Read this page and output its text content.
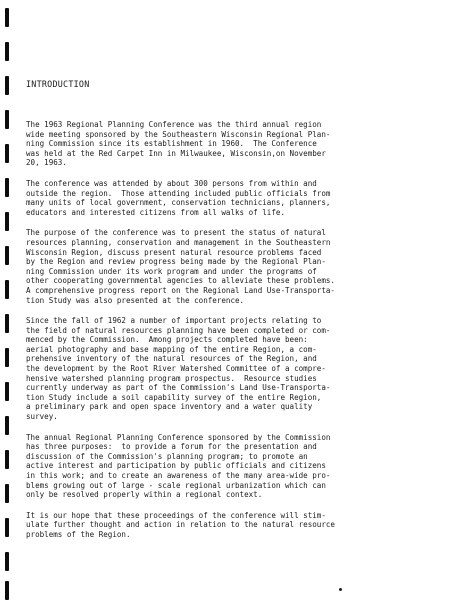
INTRODUCTION

The 1963 Regional Planning Conference was the third annual region
wide meeting sponsored by the Southeastern Wisconsin Regional Plan-
ning Commission since its establishment in 1960.  The Conference
was held at the Red Carpet Inn in Milwaukee, Wisconsin,on November
20, 1963.

The conference was attended by about 300 persons from within and
outside the region.  Those attending included public officials from
many units of local government, conservation technicians, planners,
educators and interested citizens from all walks of life.

The purpose of the conference was to present the status of natural
resources planning, conservation and management in the Southeastern
Wisconsin Region, discuss present natural resource problems faced
by the Region and review progress being made by the Regional Plan-
ning Commission under its work program and under the programs of
other cooperating governmental agencies to alleviate these problems.
A comprehensive progress report on the Regional Land Use-Transporta-
tion Study was also presented at the conference.

Since the fall of 1962 a number of important projects relating to
the field of natural resources planning have been completed or com-
menced by the Commission.  Among projects completed have been:
aerial photography and base mapping of the entire Region, a com-
prehensive inventory of the natural resources of the Region, and
the development by the Root River Watershed Committee of a compre-
hensive watershed planning program prospectus.  Resource studies
currently underway as part of the Commission's Land Use-Transporta-
tion Study include a soil capability survey of the entire Region,
a preliminary park and open space inventory and a water quality
survey.

The annual Regional Planning Conference sponsored by the Commission
has three purposes:  to provide a forum for the presentation and
discussion of the Commission's planning program; to promote an
active interest and participation by public officials and citizens
in this work; and to create an awareness of the many area-wide pro-
blems growing out of large - scale regional urbanization which can
only be resolved properly within a regional context.

It is our hope that these proceedings of the conference will stim-
ulate further thought and action in relation to the natural resource
problems of the Region.
